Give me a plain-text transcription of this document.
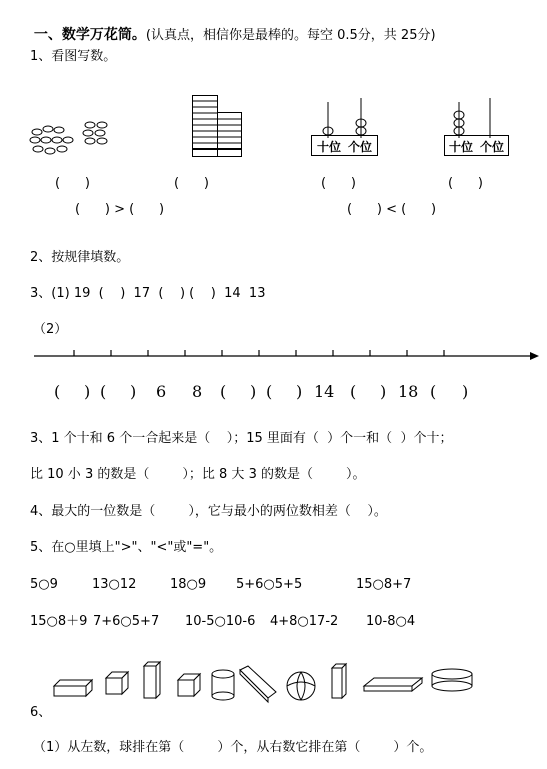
一、数学万花筒。(认真点，相信你是最棒的。每空 0.5分，共 25分)

1、看图写数。
十位 个位	十位 个位
(      )	(      )	(      )	(      )
(      ) > (      )	(      ) < (      )
2、按规律填数。
3、(1) 19  (    )  17  (    ) (    )  14  13
（2）
( ) ( ) 6 8 ( ) ( ) 14 ( ) 18 ( )
3、1 个十和 6 个一合起来是（    ）；15 里面有（  ）个一和（  ）个十；
比 10 小 3 的数是（        ）；比 8 大 3 的数是（        ）。
4、最大的一位数是（        ），它与最小的两位数相差（    ）。
5、在○里填上">"、"<"或"="。
5○9	13○12	18○9 5+6○5+5	15○8+7
15○8＋9 7+6○5+7 10-5○10-6 4+8○17-2 10-8○4
6、
（1）从左数，球排在第（        ）个，从右数它排在第（        ）个。
